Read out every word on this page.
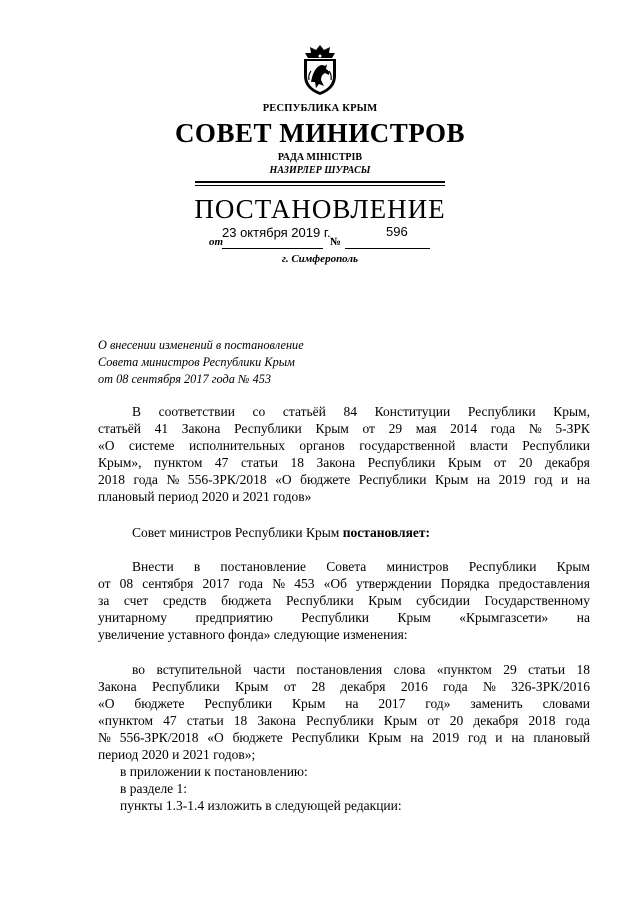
РЕСПУБЛИКА КРЫМ
СОВЕТ МИНИСТРОВ
РАДА МІНІСТРІВ
НАЗИРЛЕР ШУРАСЫ
ПОСТАНОВЛЕНИЕ
23 октября 2019 г.	596
от	№
г. Симферополь
О внесении изменений в постановление
Совета министров Республики Крым
от 08 сентября 2017 года № 453
В соответствии со статьёй 84 Конституции Республики Крым,
статьёй 41 Закона Республики Крым от 29 мая 2014 года № 5-ЗРК
«О системе исполнительных органов государственной власти Республики
Крым», пунктом 47 статьи 18 Закона Республики Крым от 20 декабря
2018 года № 556-ЗРК/2018 «О бюджете Республики Крым на 2019 год и на
плановый период 2020 и 2021 годов»
Совет министров Республики Крым постановляет:
Внести в постановление Совета министров Республики Крым
от 08 сентября 2017 года № 453 «Об утверждении Порядка предоставления
за счет средств бюджета Республики Крым субсидии Государственному
унитарному предприятию Республики Крым «Крымгазсети» на
увеличение уставного фонда» следующие изменения:
во вступительной части постановления слова «пунктом 29 статьи 18
Закона Республики Крым от 28 декабря 2016 года № 326-ЗРК/2016
«О бюджете Республики Крым на 2017 год» заменить словами
«пунктом 47 статьи 18 Закона Республики Крым от 20 декабря 2018 года
№ 556-ЗРК/2018 «О бюджете Республики Крым на 2019 год и на плановый
период 2020 и 2021 годов»;
в приложении к постановлению:
в разделе 1:
пункты 1.3-1.4 изложить в следующей редакции:
